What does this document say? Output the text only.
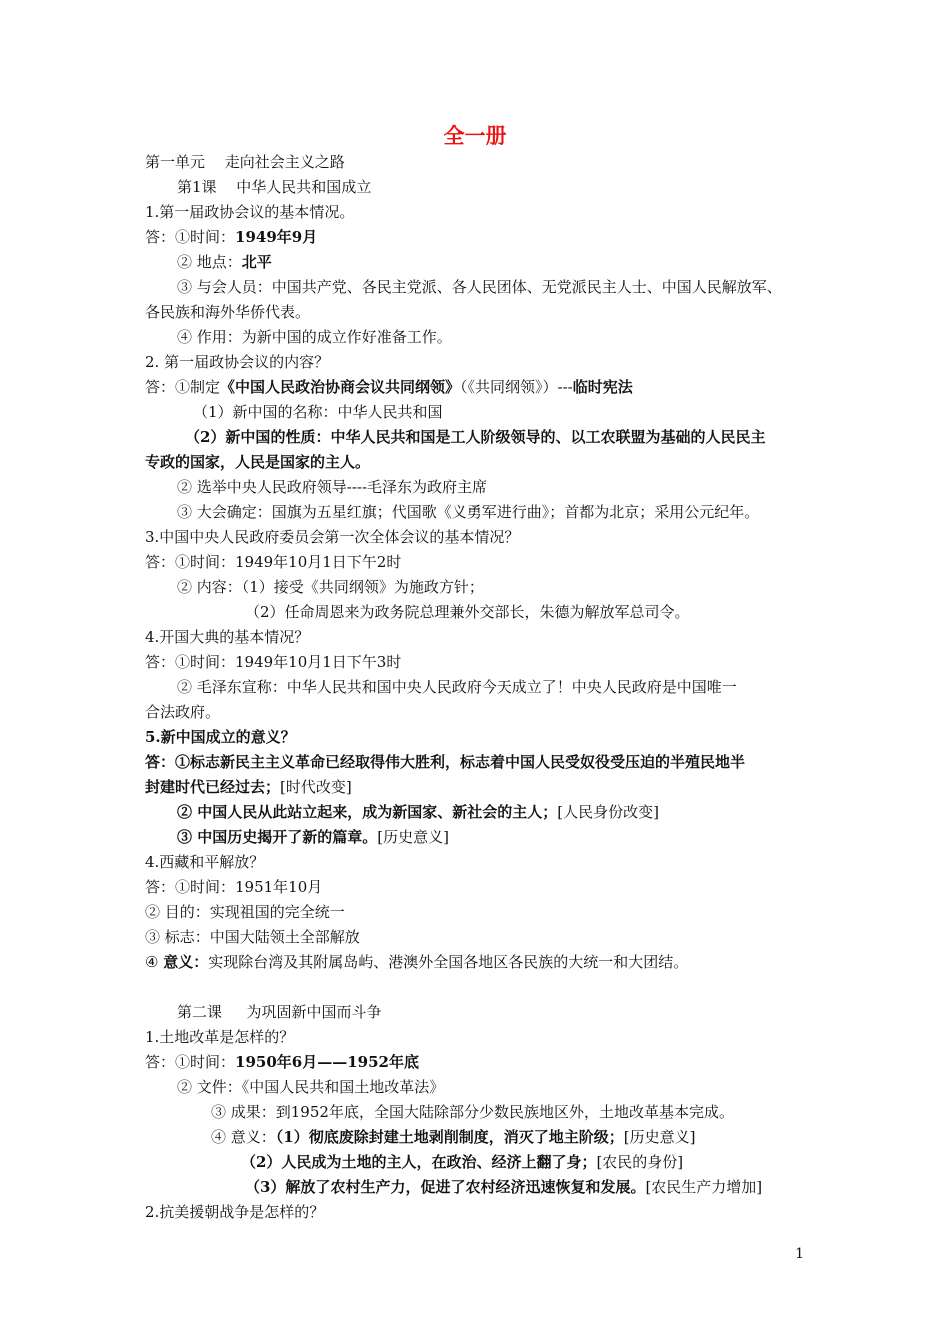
全一册
第一单元 　走向社会主义之路
第1课 　中华人民共和国成立
1.第一届政协会议的基本情况。
答：①时间：1949年9月
② 地点：北平
③ 与会人员：中国共产党、各民主党派、各人民团体、无党派民主人士、中国人民解放军、
各民族和海外华侨代表。
④ 作用：为新中国的成立作好准备工作。
2. 第一届政协会议的内容？
答：①制定《中国人民政治协商会议共同纲领》（《共同纲领》）---临时宪法
（1）新中国的名称：中华人民共和国
（2）新中国的性质：中华人民共和国是工人阶级领导的、以工农联盟为基础的人民民主
专政的国家，人民是国家的主人。
② 选举中央人民政府领导----毛泽东为政府主席
③ 大会确定：国旗为五星红旗；代国歌《义勇军进行曲》；首都为北京；采用公元纪年。
3.中国中央人民政府委员会第一次全体会议的基本情况？
答：①时间：1949年10月1日下午2时
② 内容：（1）接受《共同纲领》为施政方针；
（2）任命周恩来为政务院总理兼外交部长，朱德为解放军总司令。
4.开国大典的基本情况？
答：①时间：1949年10月1日下午3时
② 毛泽东宣称：中华人民共和国中央人民政府今天成立了！中央人民政府是中国唯一
合法政府。
5.新中国成立的意义？
答：①标志新民主主义革命已经取得伟大胜利，标志着中国人民受奴役受压迫的半殖民地半
封建时代已经过去；[时代改变]
② 中国人民从此站立起来，成为新国家、新社会的主人；[人民身份改变]
③ 中国历史揭开了新的篇章。[历史意义]
4.西藏和平解放？
答：①时间：1951年10月
② 目的：实现祖国的完全统一
③ 标志：中国大陆领土全部解放
④ 意义：实现除台湾及其附属岛屿、港澳外全国各地区各民族的大统一和大团结。
第二课 　 为巩固新中国而斗争
1.土地改革是怎样的？
答：①时间：1950年6月——1952年底
② 文件：《中国人民共和国土地改革法》
③ 成果：到1952年底，全国大陆除部分少数民族地区外，土地改革基本完成。
④ 意义：（1）彻底废除封建土地剥削制度，消灭了地主阶级；[历史意义]
（2）人民成为土地的主人，在政治、经济上翻了身；[农民的身份]
（3）解放了农村生产力，促进了农村经济迅速恢复和发展。[农民生产力增加]
2.抗美援朝战争是怎样的？
1
